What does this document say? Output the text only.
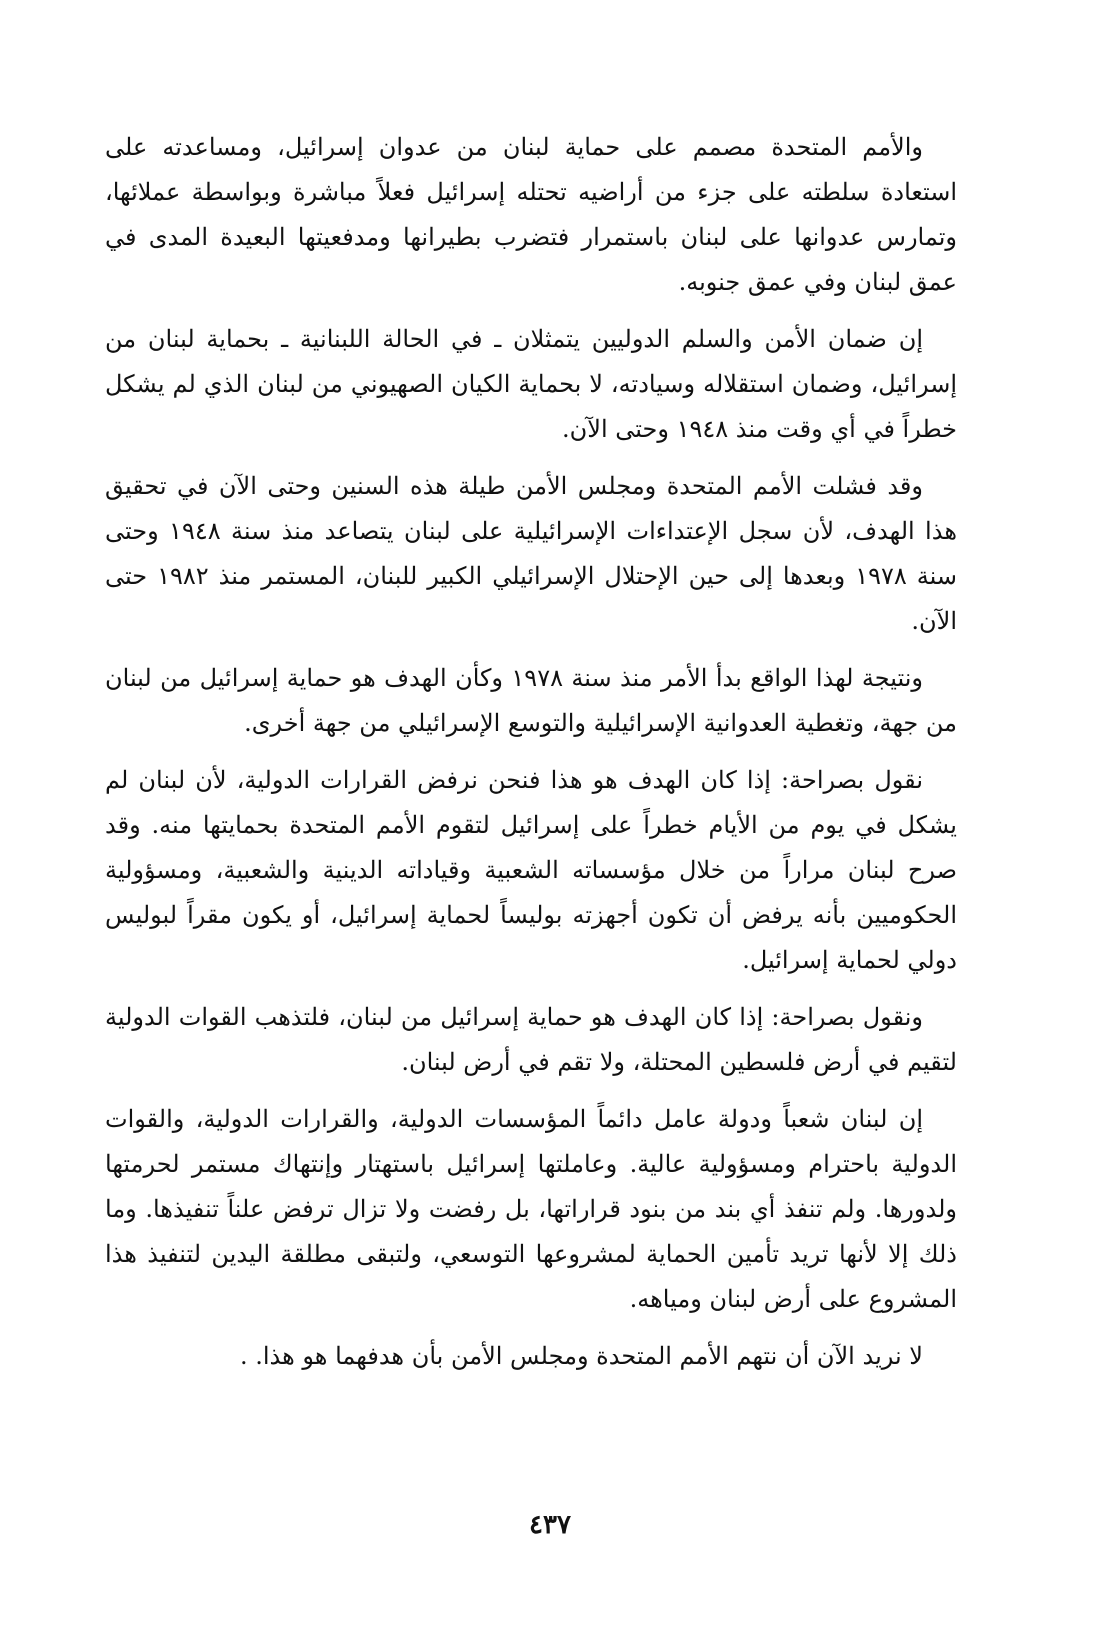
والأمم المتحدة مصمم على حماية لبنان من عدوان إسرائيل، ومساعدته على استعادة سلطته على جزء من أراضيه تحتله إسرائيل فعلاً مباشرة وبواسطة عملائها، وتمارس عدوانها على لبنان باستمرار فتضرب بطيرانها ومدفعيتها البعيدة المدى في عمق لبنان وفي عمق جنوبه.

إن ضمان الأمن والسلم الدوليين يتمثلان ـ في الحالة اللبنانية ـ بحماية لبنان من إسرائيل، وضمان استقلاله وسيادته، لا بحماية الكيان الصهيوني من لبنان الذي لم يشكل خطراً في أي وقت منذ ١٩٤٨ وحتى الآن.

وقد فشلت الأمم المتحدة ومجلس الأمن طيلة هذه السنين وحتى الآن في تحقيق هذا الهدف، لأن سجل الإعتداءات الإسرائيلية على لبنان يتصاعد منذ سنة ١٩٤٨ وحتى سنة ١٩٧٨ وبعدها إلى حين الإحتلال الإسرائيلي الكبير للبنان، المستمر منذ ١٩٨٢ حتى الآن.

ونتيجة لهذا الواقع بدأ الأمر منذ سنة ١٩٧٨ وكأن الهدف هو حماية إسرائيل من لبنان من جهة، وتغطية العدوانية الإسرائيلية والتوسع الإسرائيلي من جهة أخرى.

نقول بصراحة: إذا كان الهدف هو هذا فنحن نرفض القرارات الدولية، لأن لبنان لم يشكل في يوم من الأيام خطراً على إسرائيل لتقوم الأمم المتحدة بحمايتها منه. وقد صرح لبنان مراراً من خلال مؤسساته الشعبية وقياداته الدينية والشعبية، ومسؤولية الحكوميين بأنه يرفض أن تكون أجهزته بوليساً لحماية إسرائيل، أو يكون مقراً لبوليس دولي لحماية إسرائيل.

ونقول بصراحة: إذا كان الهدف هو حماية إسرائيل من لبنان، فلتذهب القوات الدولية لتقيم في أرض فلسطين المحتلة، ولا تقم في أرض لبنان.

إن لبنان شعباً ودولة عامل دائماً المؤسسات الدولية، والقرارات الدولية، والقوات الدولية باحترام ومسؤولية عالية. وعاملتها إسرائيل باستهتار وإنتهاك مستمر لحرمتها ولدورها. ولم تنفذ أي بند من بنود قراراتها، بل رفضت ولا تزال ترفض علناً تنفيذها. وما ذلك إلا لأنها تريد تأمين الحماية لمشروعها التوسعي، ولتبقى مطلقة اليدين لتنفيذ هذا المشروع على أرض لبنان ومياهه.

لا نريد الآن أن نتهم الأمم المتحدة ومجلس الأمن بأن هدفهما هو هذا. .

٤٣٧
